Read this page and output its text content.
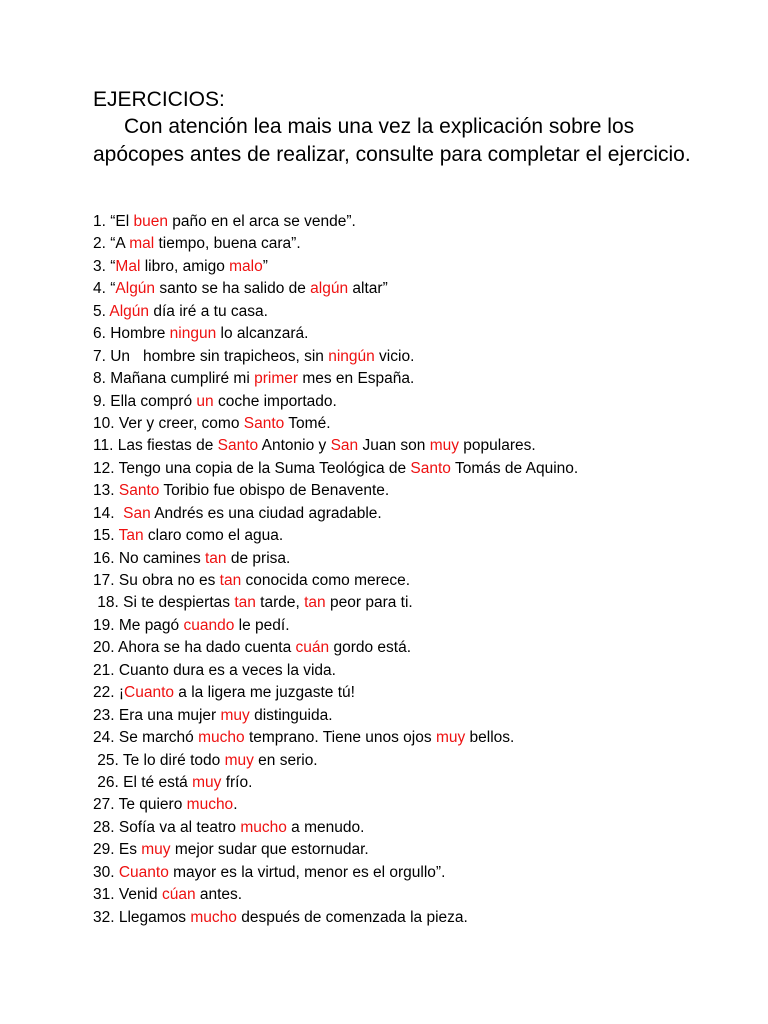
EJERCICIOS:

Con atención lea mais una vez la explicación sobre los apócopes antes de realizar, consulte para completar el ejercicio.

1. “El buen paño en el arca se vende”.
2. “A mal tiempo, buena cara”.
3. “Mal libro, amigo malo”
4. “Algún santo se ha salido de algún altar”
5. Algún día iré a tu casa.
6. Hombre ningun lo alcanzará.
7. Un   hombre sin trapicheos, sin ningún vicio.
8. Mañana cumpliré mi primer mes en España.
9. Ella compró un coche importado.
10. Ver y creer, como Santo Tomé.
11. Las fiestas de Santo Antonio y San Juan son muy populares.
12. Tengo una copia de la Suma Teológica de Santo Tomás de Aquino.
13. Santo Toribio fue obispo de Benavente.
14.  San Andrés es una ciudad agradable.
15. Tan claro como el agua.
16. No camines tan de prisa.
17. Su obra no es tan conocida como merece.
18. Si te despiertas tan tarde, tan peor para ti.
19. Me pagó cuando le pedí.
20. Ahora se ha dado cuenta cuán gordo está.
21. Cuanto dura es a veces la vida.
22. ¡Cuanto a la ligera me juzgaste tú!
23. Era una mujer muy distinguida.
24. Se marchó mucho temprano. Tiene unos ojos muy bellos.
25. Te lo diré todo muy en serio.
26. El té está muy frío.
27. Te quiero mucho.
28. Sofía va al teatro mucho a menudo.
29. Es muy mejor sudar que estornudar.
30. Cuanto mayor es la virtud, menor es el orgullo”.
31. Venid cúan antes.
32. Llegamos mucho después de comenzada la pieza.
